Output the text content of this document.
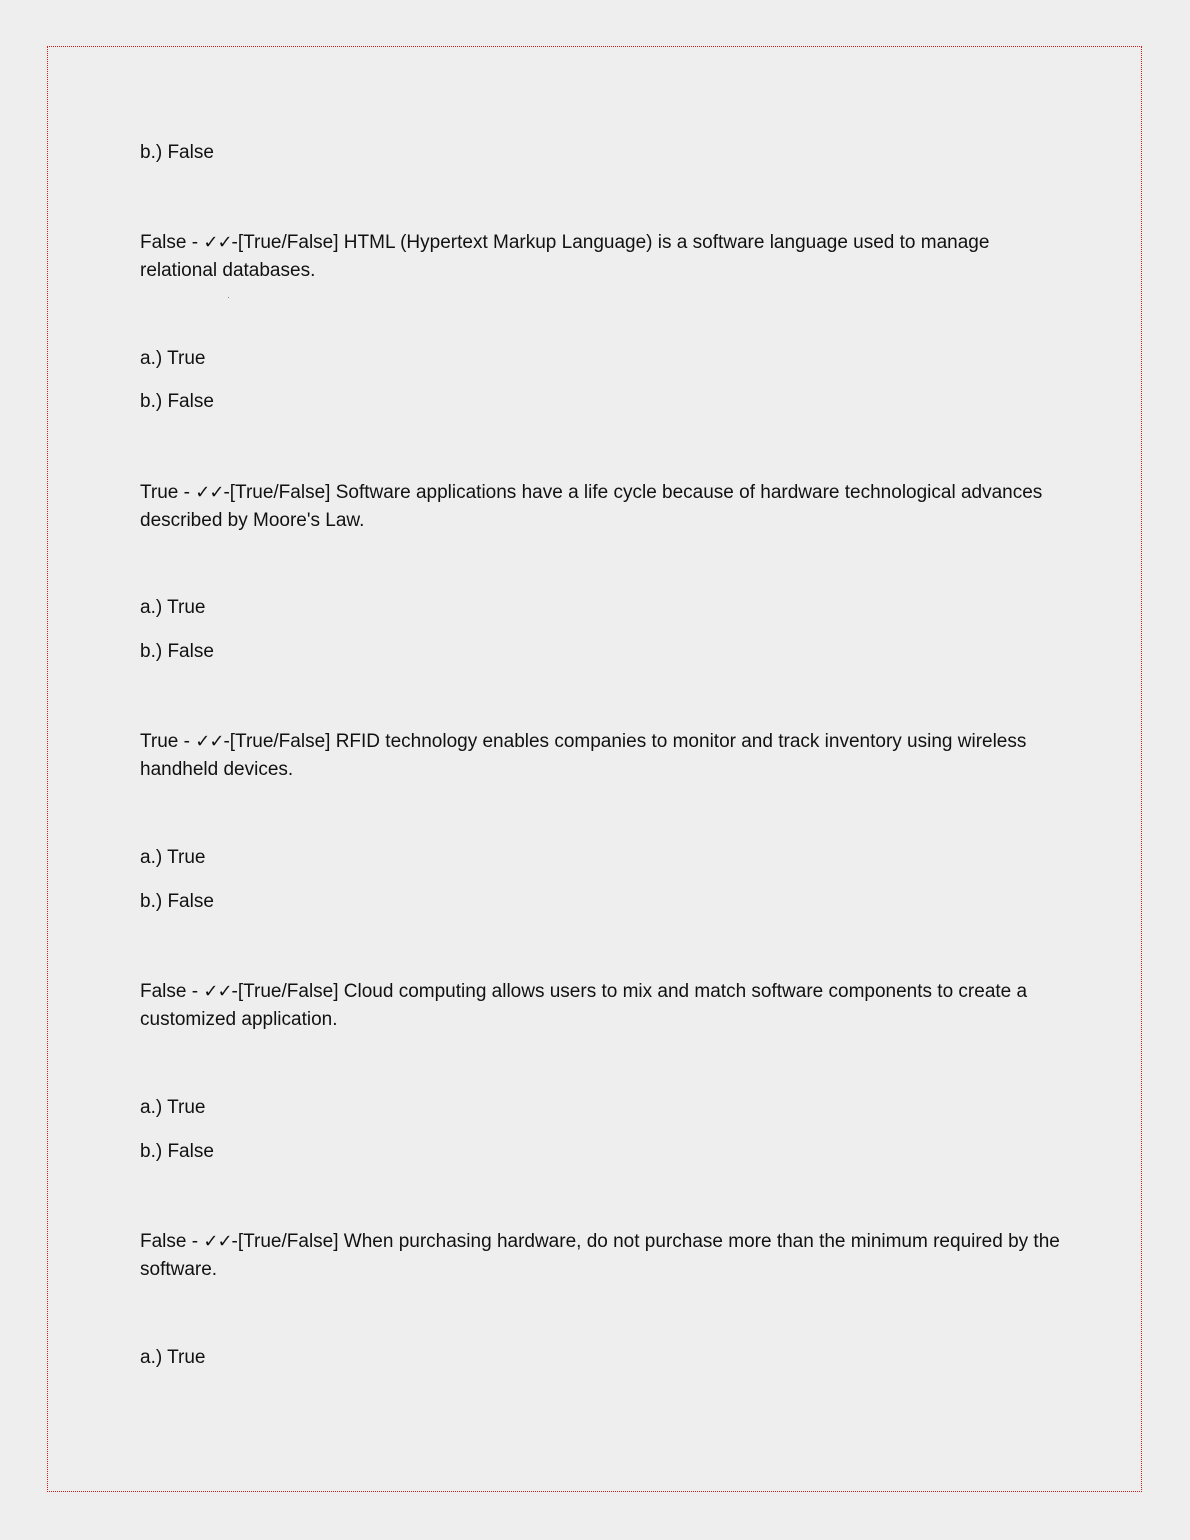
b.) False

False - ✓✓-[True/False] HTML (Hypertext Markup Language) is a software language used to manage relational databases.

a.) True

b.) False

True - ✓✓-[True/False] Software applications have a life cycle because of hardware technological advances described by Moore's Law.

a.) True

b.) False

True - ✓✓-[True/False] RFID technology enables companies to monitor and track inventory using wireless handheld devices.

a.) True

b.) False

False - ✓✓-[True/False] Cloud computing allows users to mix and match software components to create a customized application.

a.) True

b.) False

False - ✓✓-[True/False] When purchasing hardware, do not purchase more than the minimum required by the software.

a.) True
